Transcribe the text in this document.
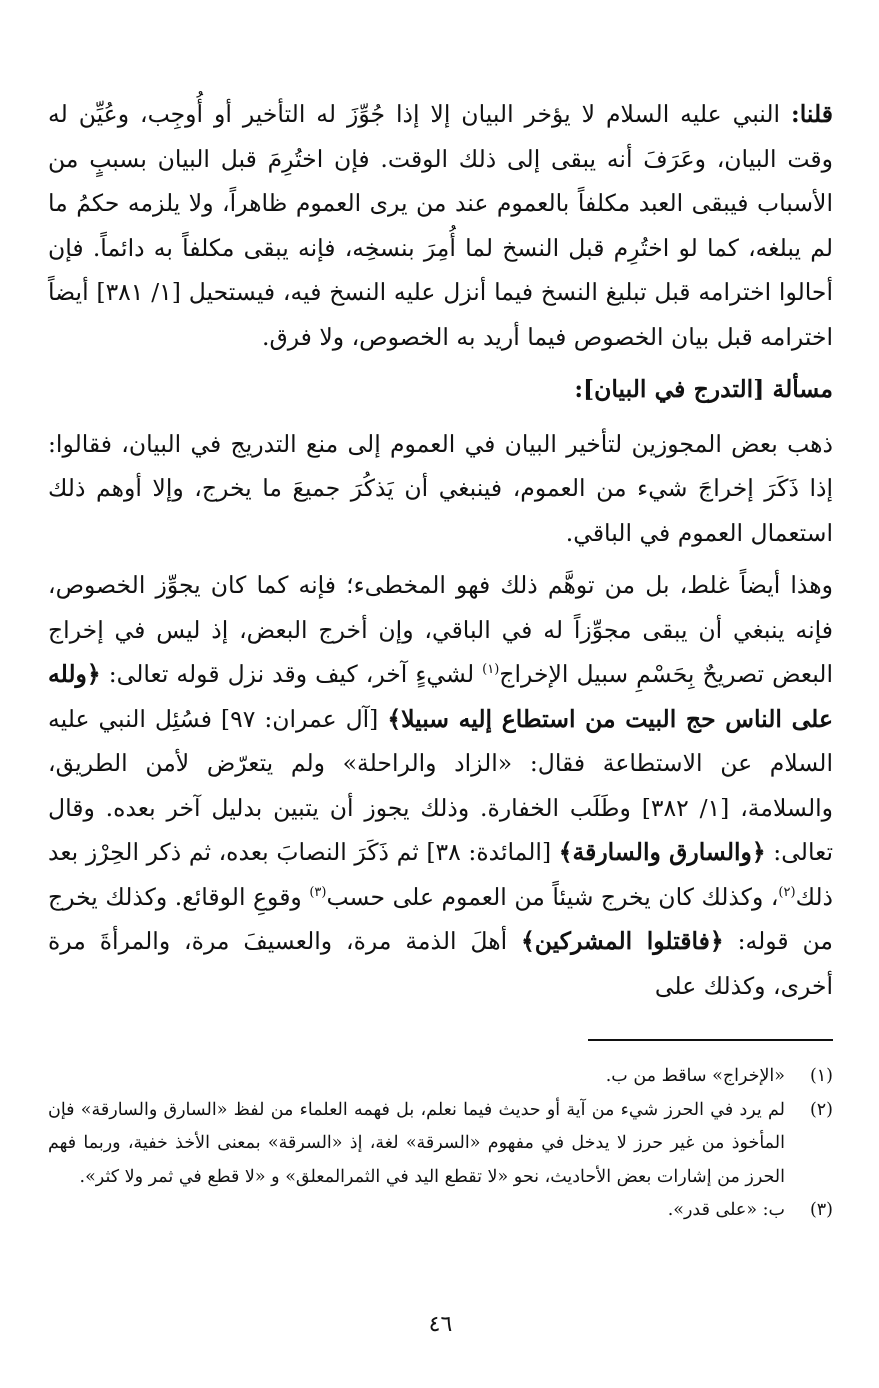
قلنا: النبي عليه السلام لا يؤخر البيان إلا إذا جُوِّزَ له التأخير أو أُوجِب، وعُيِّن له وقت البيان، وعَرَفَ أنه يبقى إلى ذلك الوقت. فإن اختُرِمَ قبل البيان بسببٍ من الأسباب فيبقى العبد مكلفاً بالعموم عند من يرى العموم ظاهراً، ولا يلزمه حكمُ ما لم يبلغه، كما لو اختُرِم قبل النسخ لما أُمِرَ بنسخِه، فإنه يبقى مكلفاً به دائماً. فإن أحالوا اخترامه قبل تبليغ النسخ فيما أنزل عليه النسخ فيه، فيستحيل [١/ ٣٨١] أيضاً اخترامه قبل بيان الخصوص فيما أريد به الخصوص، ولا فرق.

مسألة [التدرج في البيان]:

ذهب بعض المجوزين لتأخير البيان في العموم إلى منع التدريج في البيان، فقالوا: إذا ذَكَرَ إخراجَ شيء من العموم، فينبغي أن يَذكُرَ جميعَ ما يخرج، وإلا أوهم ذلك استعمال العموم في الباقي.

وهذا أيضاً غلط، بل من توهَّم ذلك فهو المخطىء؛ فإنه كما كان يجوِّز الخصوص، فإنه ينبغي أن يبقى مجوِّزاً له في الباقي، وإن أخرج البعض، إذ ليس في إخراج البعض تصريحٌ بِحَسْمِ سبيل الإخراج$^{(١)}$ لشيءٍ آخر، كيف وقد نزل قوله تعالى: ﴿ولله على الناس حج البيت من استطاع إليه سبيلا﴾ [آل عمران: ٩٧] فسُئِل النبي عليه السلام عن الاستطاعة فقال: «الزاد والراحلة» ولم يتعرّض لأمن الطريق، والسلامة، [١/ ٣٨٢] وطَلَب الخفارة. وذلك يجوز أن يتبين بدليل آخر بعده. وقال تعالى: ﴿والسارق والسارقة﴾ [المائدة: ٣٨] ثم ذَكَرَ النصابَ بعده، ثم ذكر الحِرْز بعد ذلك$^{(٢)}$، وكذلك كان يخرج شيئاً من العموم على حسب$^{(٣)}$ وقوعِ الوقائع. وكذلك يخرج من قوله: ﴿فاقتلوا المشركين﴾ أهلَ الذمة مرة، والعسيفَ مرة، والمرأةَ مرة أخرى، وكذلك على

(١)
«الإخراج» ساقط من ب.

(٢)
لم يرد في الحرز شيء من آية أو حديث فيما نعلم، بل فهمه العلماء من لفظ «السارق والسارقة» فإن المأخوذ من غير حرز لا يدخل في مفهوم «السرقة» لغة، إذ «السرقة» بمعنى الأخذ خفية، وربما فهم الحرز من إشارات بعض الأحاديث، نحو «لا تقطع اليد في الثمرالمعلق» و «لا قطع في ثمر ولا كثر».

(٣)
ب: «على قدر».

٤٦
